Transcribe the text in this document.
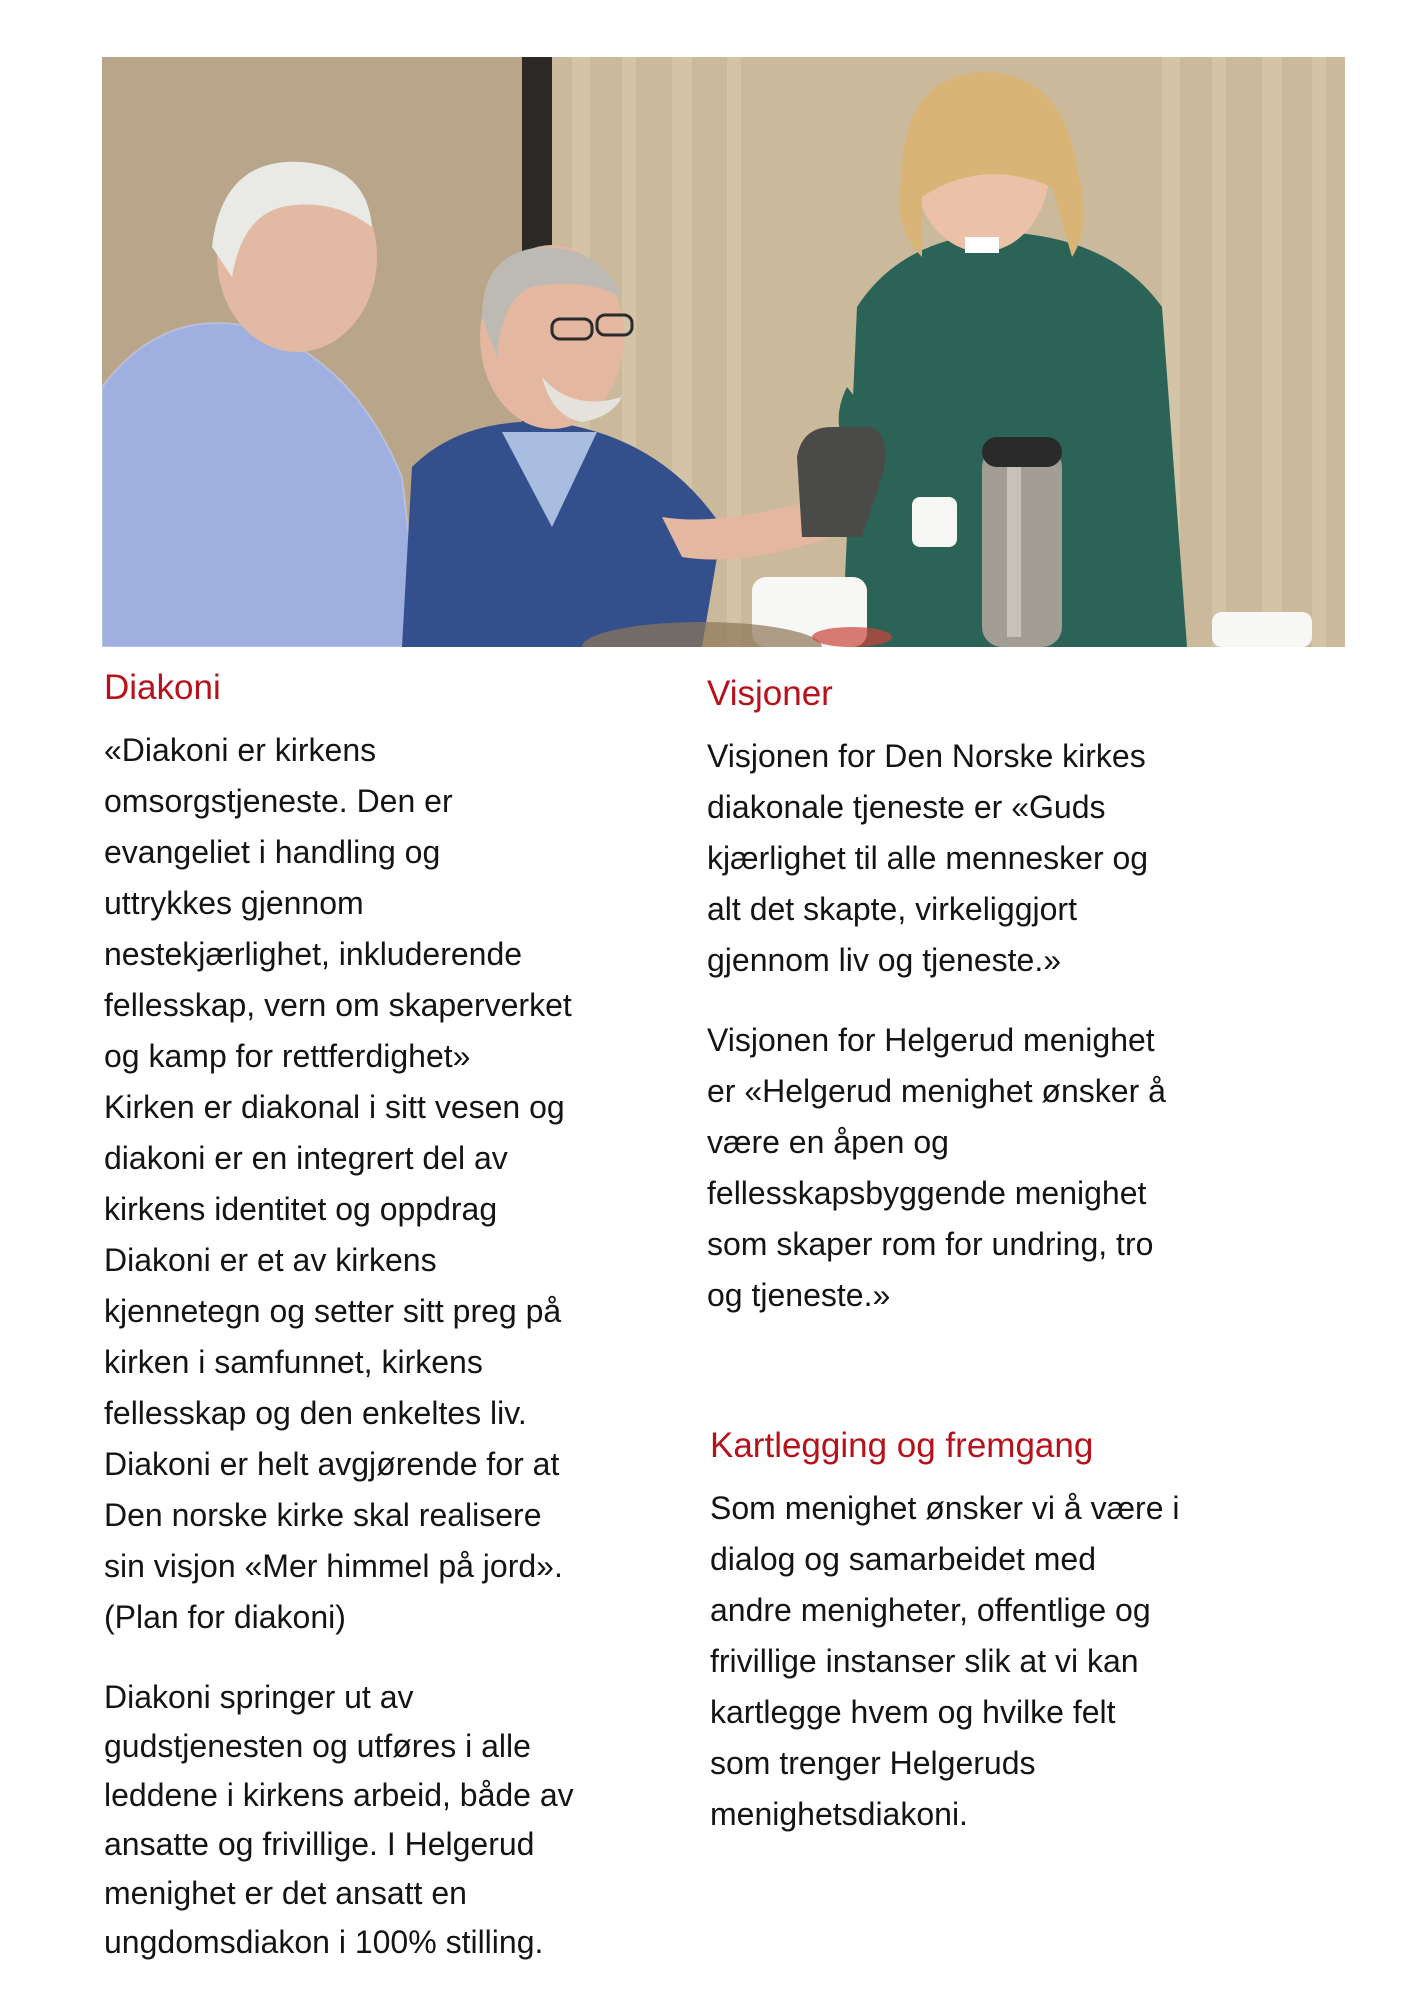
Diakoni

«Diakoni er kirkens

omsorgstjeneste. Den er

evangeliet i handling og

uttrykkes gjennom

nestekjærlighet, inkluderende

fellesskap, vern om skaperverket

og kamp for rettferdighet»

Kirken er diakonal i sitt vesen og

diakoni er en integrert del av

kirkens identitet og oppdrag

Diakoni er et av kirkens

kjennetegn og setter sitt preg på

kirken i samfunnet, kirkens

fellesskap og den enkeltes liv.

Diakoni er helt avgjørende for at

Den norske kirke skal realisere

sin visjon «Mer himmel på jord».

(Plan for diakoni)

Diakoni springer ut av

gudstjenesten og utføres i alle

leddene i kirkens arbeid, både av

ansatte og frivillige. I Helgerud

menighet er det ansatt en

ungdomsdiakon i 100% stilling.

Visjoner

Visjonen for Den Norske kirkes

diakonale tjeneste er «Guds

kjærlighet til alle mennesker og

alt det skapte, virkeliggjort

gjennom liv og tjeneste.»

Visjonen for Helgerud menighet

er «Helgerud menighet ønsker å

være en åpen og

fellesskapsbyggende menighet

som skaper rom for undring, tro

og tjeneste.»

Kartlegging og fremgang

Som menighet ønsker vi å være i

dialog og samarbeidet med

andre menigheter, offentlige og

frivillige instanser slik at vi kan

kartlegge hvem og hvilke felt

som trenger Helgeruds

menighetsdiakoni.
